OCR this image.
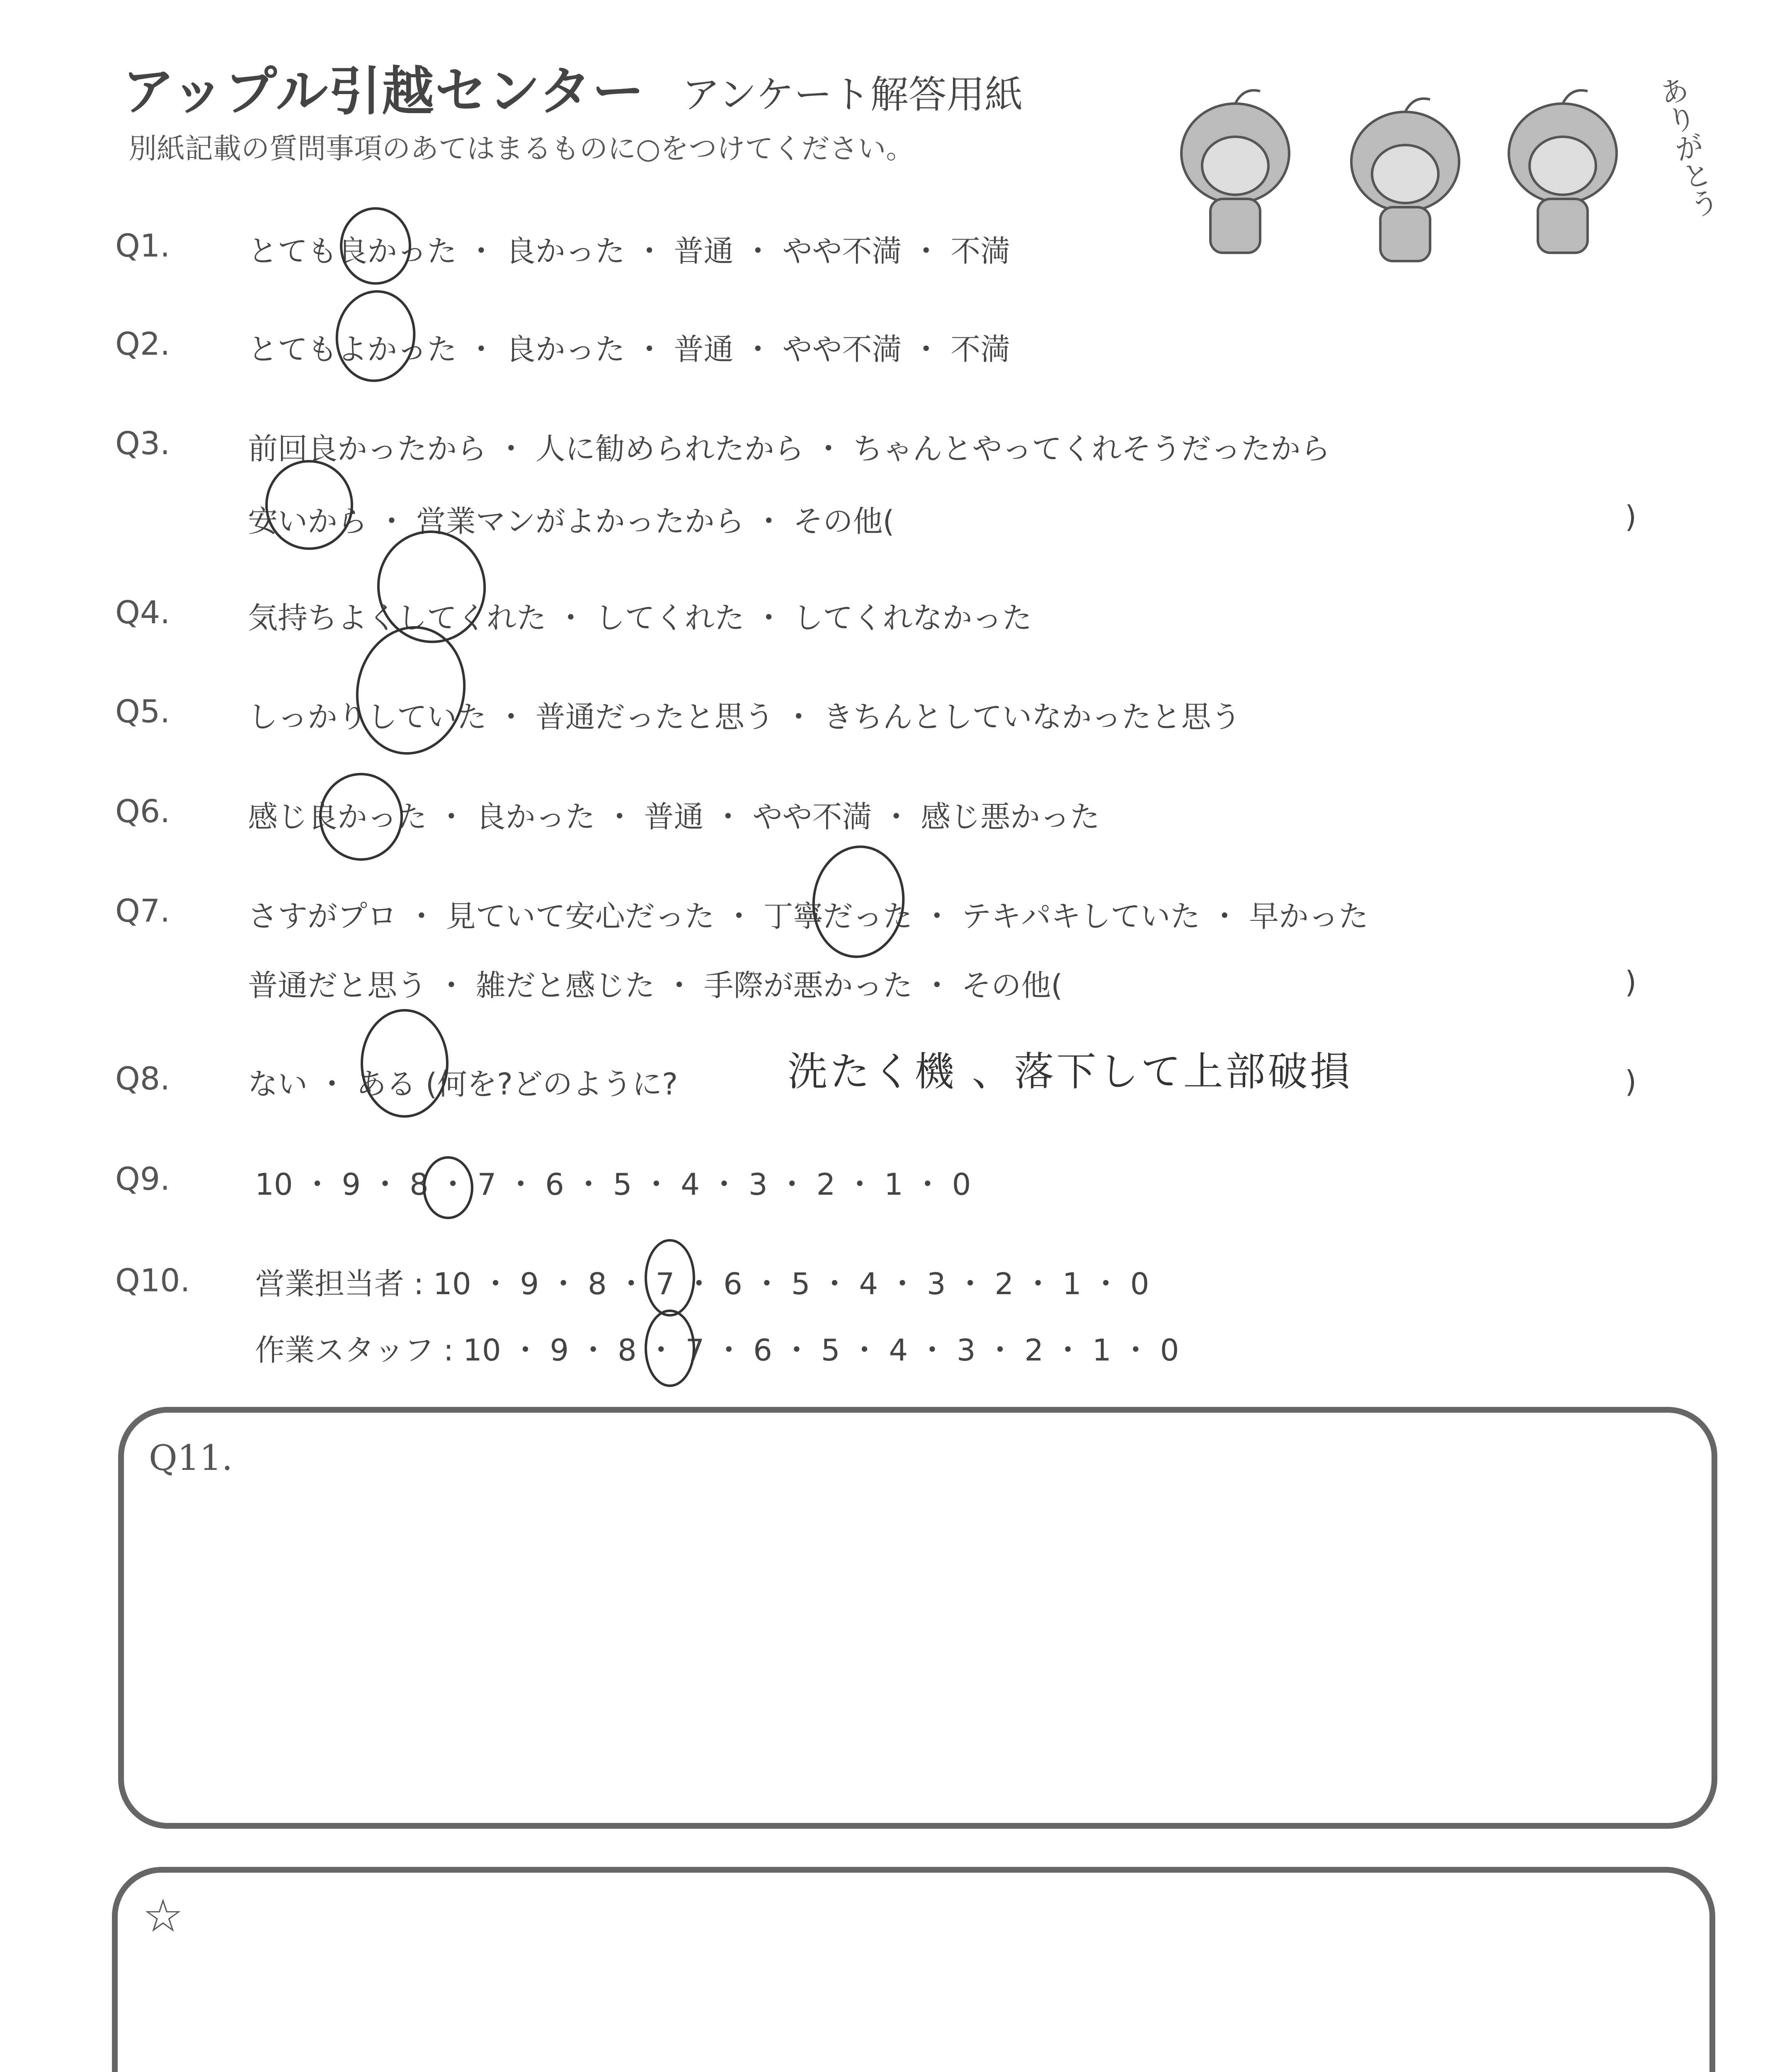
アップル引越センター アンケート解答用紙
別紙記載の質問事項のあてはまるものに○をつけてください。	ありがとう
Q1.	とても良かった ・ 良かった ・ 普通 ・ やや不満 ・ 不満
Q2.	とてもよかった ・ 良かった ・ 普通 ・ やや不満 ・ 不満
Q3.	前回良かったから ・ 人に勧められたから ・ ちゃんとやってくれそうだったから
安いから ・ 営業マンがよかったから ・ その他(	)
Q4.	気持ちよくしてくれた ・ してくれた ・ してくれなかった
Q5.	しっかりしていた ・ 普通だったと思う ・ きちんとしていなかったと思う
Q6.	感じ良かった ・ 良かった ・ 普通 ・ やや不満 ・ 感じ悪かった
Q7.	さすがプロ ・ 見ていて安心だった ・ 丁寧だった ・ テキパキしていた ・ 早かった
普通だと思う ・ 雑だと感じた ・ 手際が悪かった ・ その他(	)
Q8.	ない ・ ある (何を?どのように?	洗たく機 、落下して上部破損	)
Q9.	10 ・ 9 ・ 8 ・ 7 ・ 6 ・ 5 ・ 4 ・ 3 ・ 2 ・ 1 ・ 0
Q10. 営業担当者 : 10 ・ 9 ・ 8 ・ 7 ・ 6 ・ 5 ・ 4 ・ 3 ・ 2 ・ 1 ・ 0
作業スタッフ : 10 ・ 9 ・ 8 ・ 7 ・ 6 ・ 5 ・ 4 ・ 3 ・ 2 ・ 1 ・ 0
Q11.
☆
